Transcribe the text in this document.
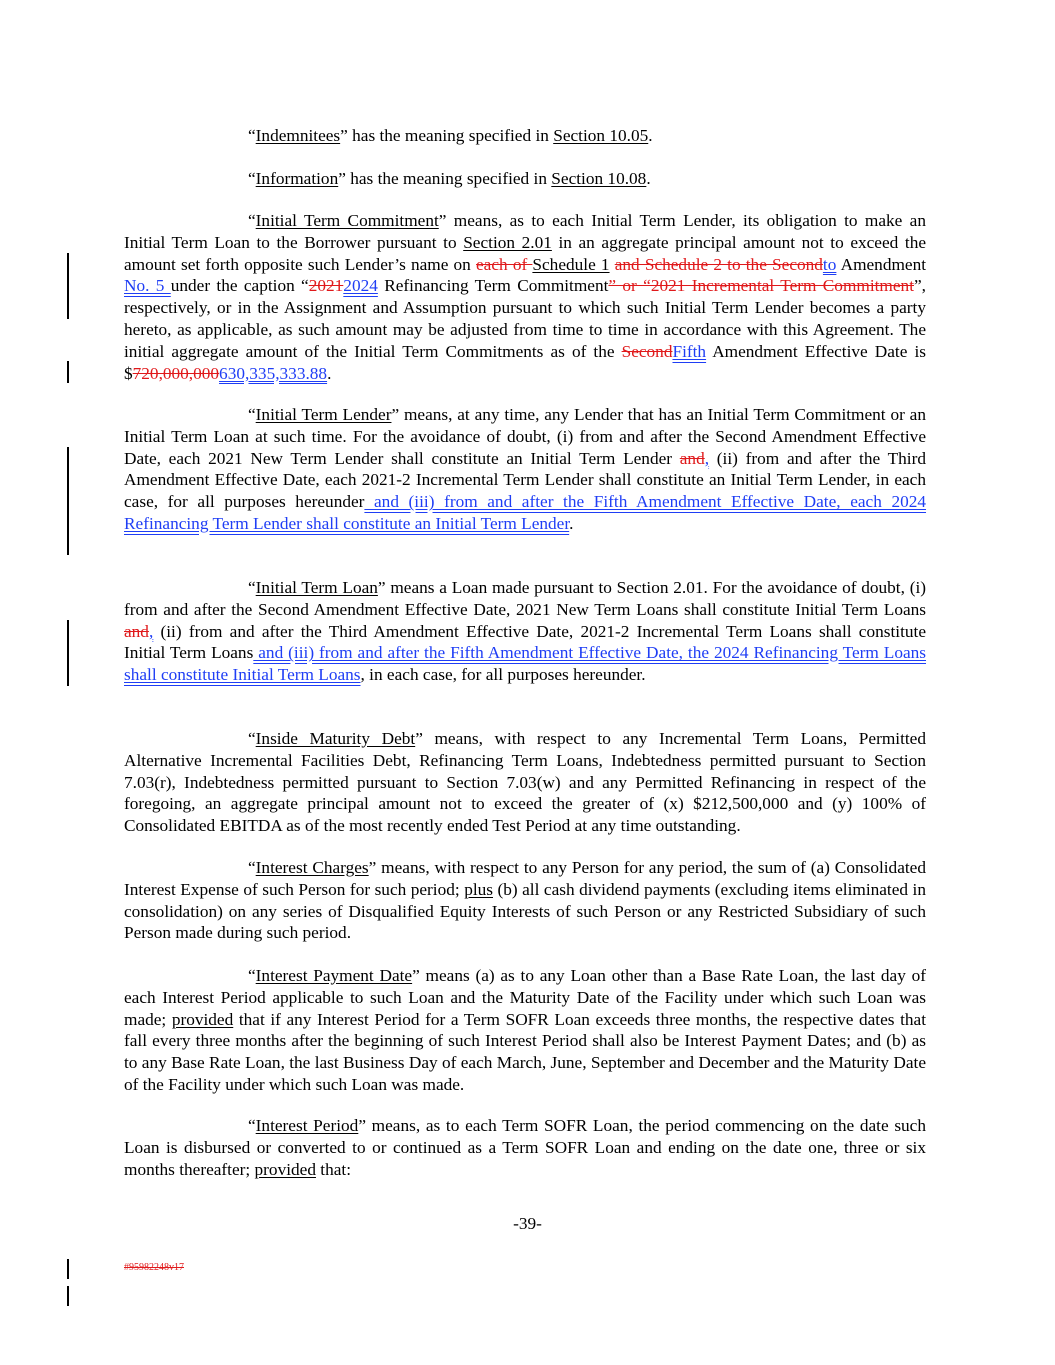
“Indemnitees” has the meaning specified in Section 10.05.
“Information” has the meaning specified in Section 10.08.
“Initial Term Commitment” means, as to each Initial Term Lender, its obligation to make an Initial Term Loan to the Borrower pursuant to Section 2.01 in an aggregate principal amount not to exceed the amount set forth opposite such Lender’s name on each of Schedule 1 and Schedule 2 to the Secondto Amendment No. 5 under the caption “20212024 Refinancing Term Commitment” or “2021 Incremental Term Commitment”, respectively, or in the Assignment and Assumption pursuant to which such Initial Term Lender becomes a party hereto, as applicable, as such amount may be adjusted from time to time in accordance with this Agreement. The initial aggregate amount of the Initial Term Commitments as of the SecondFifth Amendment Effective Date is $720,000,000630,335,333.88.
“Initial Term Lender” means, at any time, any Lender that has an Initial Term Commitment or an Initial Term Loan at such time. For the avoidance of doubt, (i) from and after the Second Amendment Effective Date, each 2021 New Term Lender shall constitute an Initial Term Lender and, (ii) from and after the Third Amendment Effective Date, each 2021-2 Incremental Term Lender shall constitute an Initial Term Lender, in each case, for all purposes hereunder and (iii) from and after the Fifth Amendment Effective Date, each 2024 Refinancing Term Lender shall constitute an Initial Term Lender.
“Initial Term Loan” means a Loan made pursuant to Section 2.01. For the avoidance of doubt, (i) from and after the Second Amendment Effective Date, 2021 New Term Loans shall constitute Initial Term Loans and, (ii) from and after the Third Amendment Effective Date, 2021-2 Incremental Term Loans shall constitute Initial Term Loans and (iii) from and after the Fifth Amendment Effective Date, the 2024 Refinancing Term Loans shall constitute Initial Term Loans, in each case, for all purposes hereunder.
“Inside Maturity Debt” means, with respect to any Incremental Term Loans, Permitted Alternative Incremental Facilities Debt, Refinancing Term Loans, Indebtedness permitted pursuant to Section 7.03(r), Indebtedness permitted pursuant to Section 7.03(w) and any Permitted Refinancing in respect of the foregoing, an aggregate principal amount not to exceed the greater of (x) $212,500,000 and (y) 100% of Consolidated EBITDA as of the most recently ended Test Period at any time outstanding.
“Interest Charges” means, with respect to any Person for any period, the sum of (a) Consolidated Interest Expense of such Person for such period; plus (b) all cash dividend payments (excluding items eliminated in consolidation) on any series of Disqualified Equity Interests of such Person or any Restricted Subsidiary of such Person made during such period.
“Interest Payment Date” means (a) as to any Loan other than a Base Rate Loan, the last day of each Interest Period applicable to such Loan and the Maturity Date of the Facility under which such Loan was made; provided that if any Interest Period for a Term SOFR Loan exceeds three months, the respective dates that fall every three months after the beginning of such Interest Period shall also be Interest Payment Dates; and (b) as to any Base Rate Loan, the last Business Day of each March, June, September and December and the Maturity Date of the Facility under which such Loan was made.
“Interest Period” means, as to each Term SOFR Loan, the period commencing on the date such Loan is disbursed or converted to or continued as a Term SOFR Loan and ending on the date one, three or six months thereafter; provided that:
-39-
#95982248v17
